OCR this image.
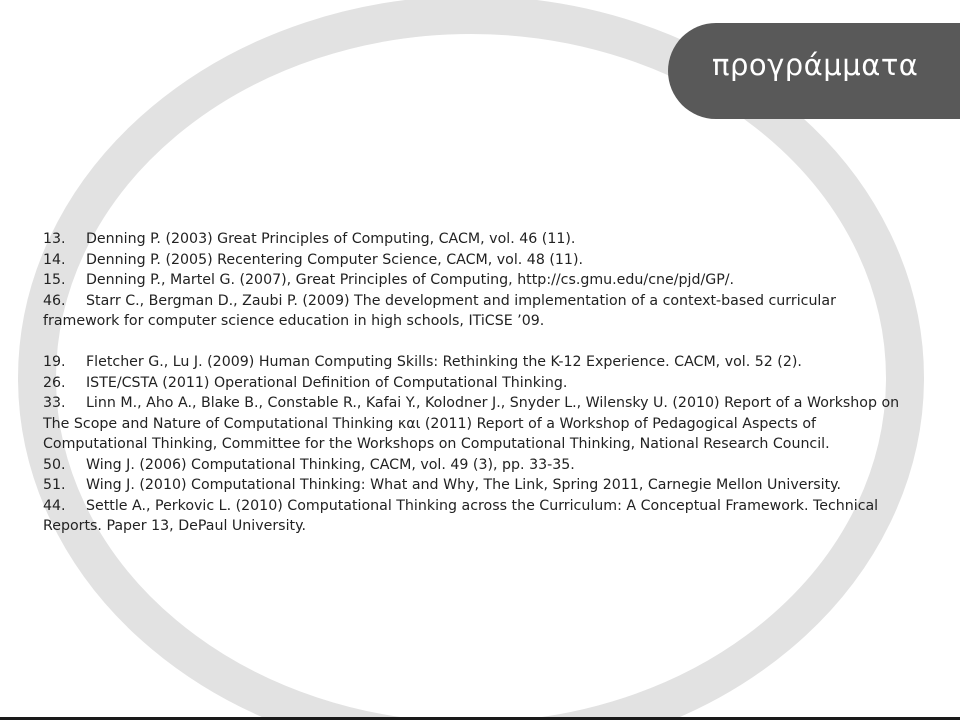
προγράμματα

13. Denning P. (2003) Great Principles of Computing, CACM, vol. 46 (11).

14. Denning P. (2005) Recentering Computer Science, CACM, vol. 48 (11).

15. Denning P., Martel G. (2007), Great Principles of Computing, http://cs.gmu.edu/cne/pjd/GP/.

46. Starr C., Bergman D., Zaubi P. (2009) The development and implementation of a context-based curricular framework for computer science education in high schools, ITiCSE ’09.

19. Fletcher G., Lu J. (2009) Human Computing Skills: Rethinking the K-12 Experience. CACM, vol. 52 (2).

26. ISTE/CSTA (2011) Operational Definition of Computational Thinking.

33. Linn M., Aho A., Blake B., Constable R., Kafai Y., Kolodner J., Snyder L., Wilensky U. (2010) Report of a Workshop on The Scope and Nature of Computational Thinking και (2011) Report of a Workshop of Pedagogical Aspects of Computational Thinking, Committee for the Workshops on Computational Thinking, National Research Council.

50. Wing J. (2006) Computational Thinking, CACM, vol. 49 (3), pp. 33-35.

51. Wing J. (2010) Computational Thinking: What and Why, The Link, Spring 2011, Carnegie Mellon University.

44. Settle A., Perkovic L. (2010) Computational Thinking across the Curriculum: A Conceptual Framework. Technical Reports. Paper 13, DePaul University.
